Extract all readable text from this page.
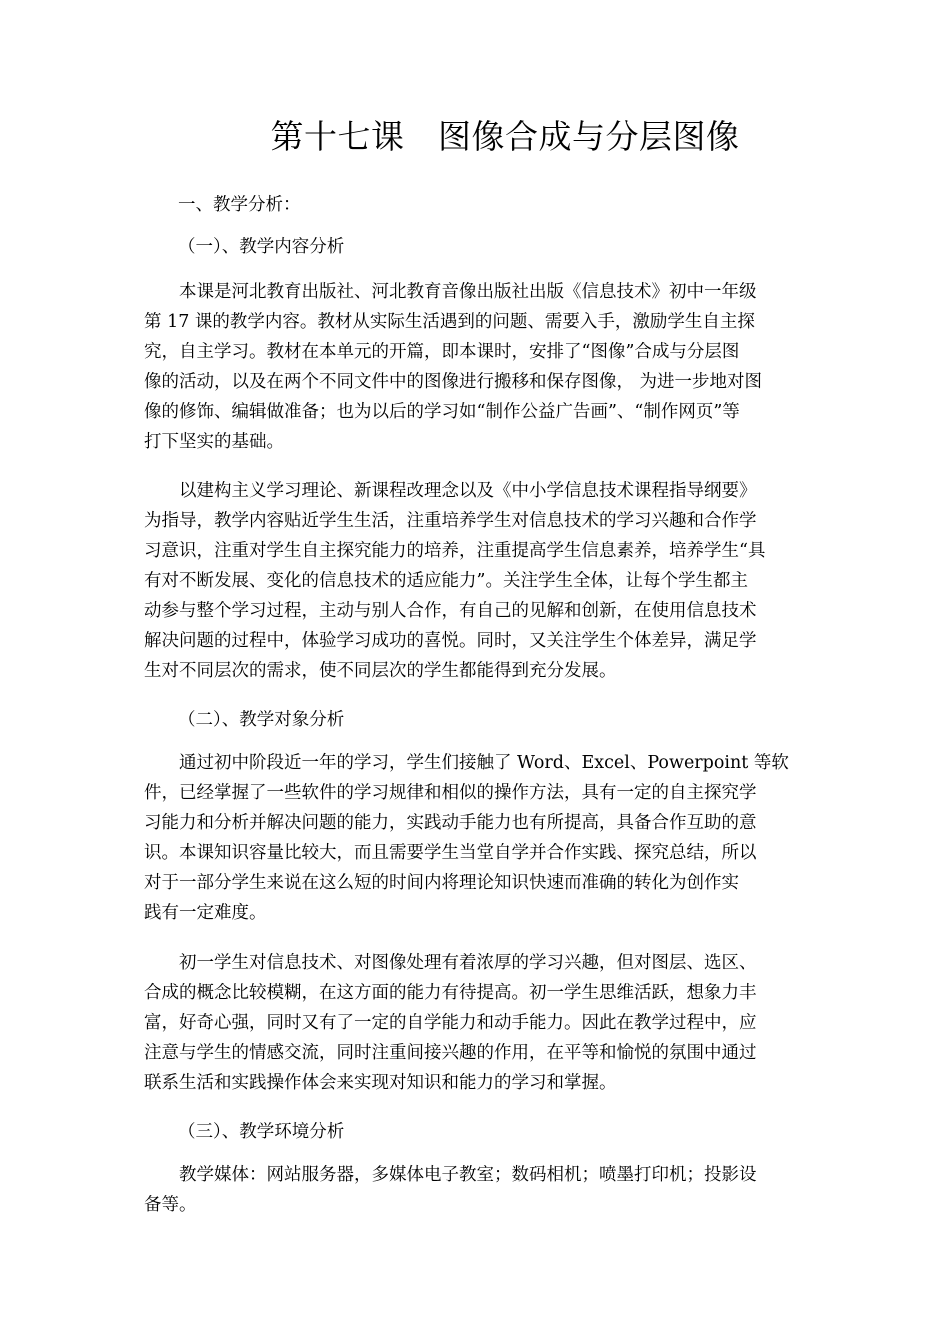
第十七课　图像合成与分层图像
一、教学分析：
（一）、教学内容分析
本课是河北教育出版社、河北教育音像出版社出版《信息技术》初中一年级
第 17 课的教学内容。教材从实际生活遇到的问题、需要入手，激励学生自主探
究，自主学习。教材在本单元的开篇，即本课时，安排了“图像”合成与分层图
像的活动，以及在两个不同文件中的图像进行搬移和保存图像， 为进一步地对图
像的修饰、编辑做准备；也为以后的学习如“制作公益广告画”、“制作网页”等
打下坚实的基础。
以建构主义学习理论、新课程改理念以及《中小学信息技术课程指导纲要》
为指导，教学内容贴近学生生活，注重培养学生对信息技术的学习兴趣和合作学
习意识，注重对学生自主探究能力的培养，注重提高学生信息素养，培养学生“具
有对不断发展、变化的信息技术的适应能力”。关注学生全体，让每个学生都主
动参与整个学习过程，主动与别人合作，有自己的见解和创新，在使用信息技术
解决问题的过程中，体验学习成功的喜悦。同时，又关注学生个体差异，满足学
生对不同层次的需求，使不同层次的学生都能得到充分发展。
（二）、教学对象分析
通过初中阶段近一年的学习，学生们接触了 Word、Excel、Powerpoint 等软
件，已经掌握了一些软件的学习规律和相似的操作方法，具有一定的自主探究学
习能力和分析并解决问题的能力，实践动手能力也有所提高，具备合作互助的意
识。本课知识容量比较大，而且需要学生当堂自学并合作实践、探究总结，所以
对于一部分学生来说在这么短的时间内将理论知识快速而准确的转化为创作实
践有一定难度。
初一学生对信息技术、对图像处理有着浓厚的学习兴趣，但对图层、选区、
合成的概念比较模糊，在这方面的能力有待提高。初一学生思维活跃，想象力丰
富，好奇心强，同时又有了一定的自学能力和动手能力。因此在教学过程中，应
注意与学生的情感交流，同时注重间接兴趣的作用，在平等和愉悦的氛围中通过
联系生活和实践操作体会来实现对知识和能力的学习和掌握。
（三）、教学环境分析
教学媒体：网站服务器，多媒体电子教室；数码相机；喷墨打印机；投影设
备等。
